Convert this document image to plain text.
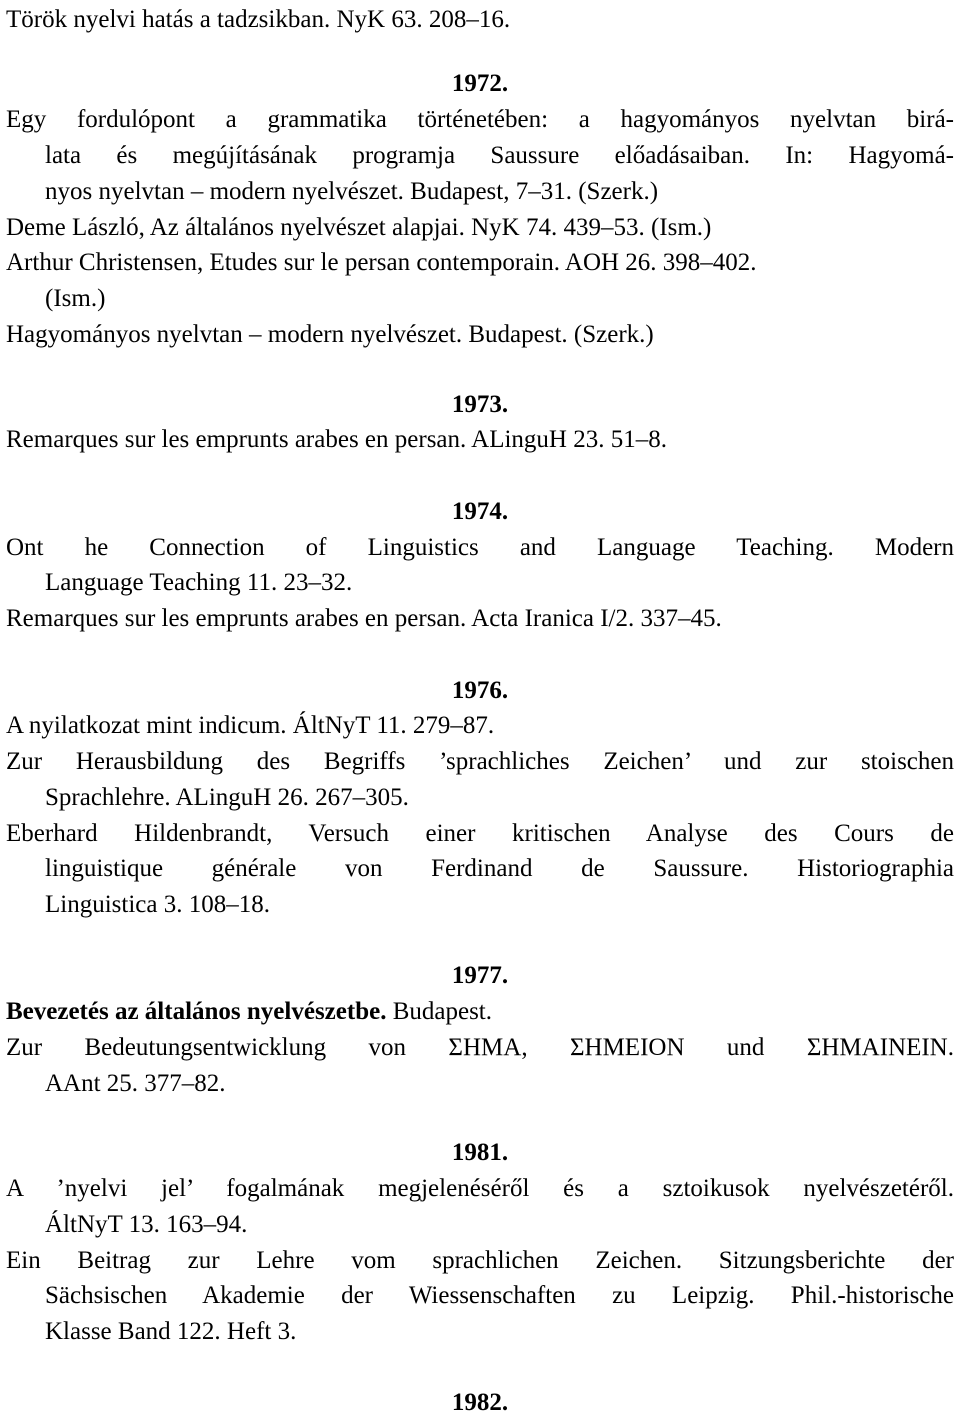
Török nyelvi hatás a tadzsikban. NyK 63. 208–16.
1972.
Egy fordulópont a grammatika történetében: a hagyományos nyelvtan birá-
lata és megújításának programja Saussure előadásaiban. In: Hagyomá-
nyos nyelvtan – modern nyelvészet. Budapest, 7–31. (Szerk.)
Deme László, Az általános nyelvészet alapjai. NyK 74. 439–53. (Ism.)
Arthur Christensen, Etudes sur le persan contemporain. AOH 26. 398–402.
(Ism.)
Hagyományos nyelvtan – modern nyelvészet. Budapest. (Szerk.)
1973.
Remarques sur les emprunts arabes en persan. ALinguH 23. 51–8.
1974.
Ont he Connection of Linguistics and Language Teaching. Modern
Language Teaching 11. 23–32.
Remarques sur les emprunts arabes en persan. Acta Iranica I/2. 337–45.
1976.
A nyilatkozat mint indicum. ÁltNyT 11. 279–87.
Zur Herausbildung des Begriffs ’sprachliches Zeichen’ und zur stoischen
Sprachlehre. ALinguH 26. 267–305.
Eberhard Hildenbrandt, Versuch einer kritischen Analyse des Cours de
linguistique générale von Ferdinand de Saussure. Historiographia
Linguistica 3. 108–18.
1977.
Bevezetés az általános nyelvészetbe. Budapest.
Zur Bedeutungsentwicklung von ΣΗΜΑ, ΣΗΜΕΙΟΝ und ΣΗΜΑΙΝΕΙΝ.
AAnt 25. 377–82.
1981.
A ’nyelvi jel’ fogalmának megjelenéséről és a sztoikusok nyelvészetéről.
ÁltNyT 13. 163–94.
Ein Beitrag zur Lehre vom sprachlichen Zeichen. Sitzungsberichte der
Sächsischen Akademie der Wiessenschaften zu Leipzig. Phil.-historische
Klasse Band 122. Heft 3.
1982.
